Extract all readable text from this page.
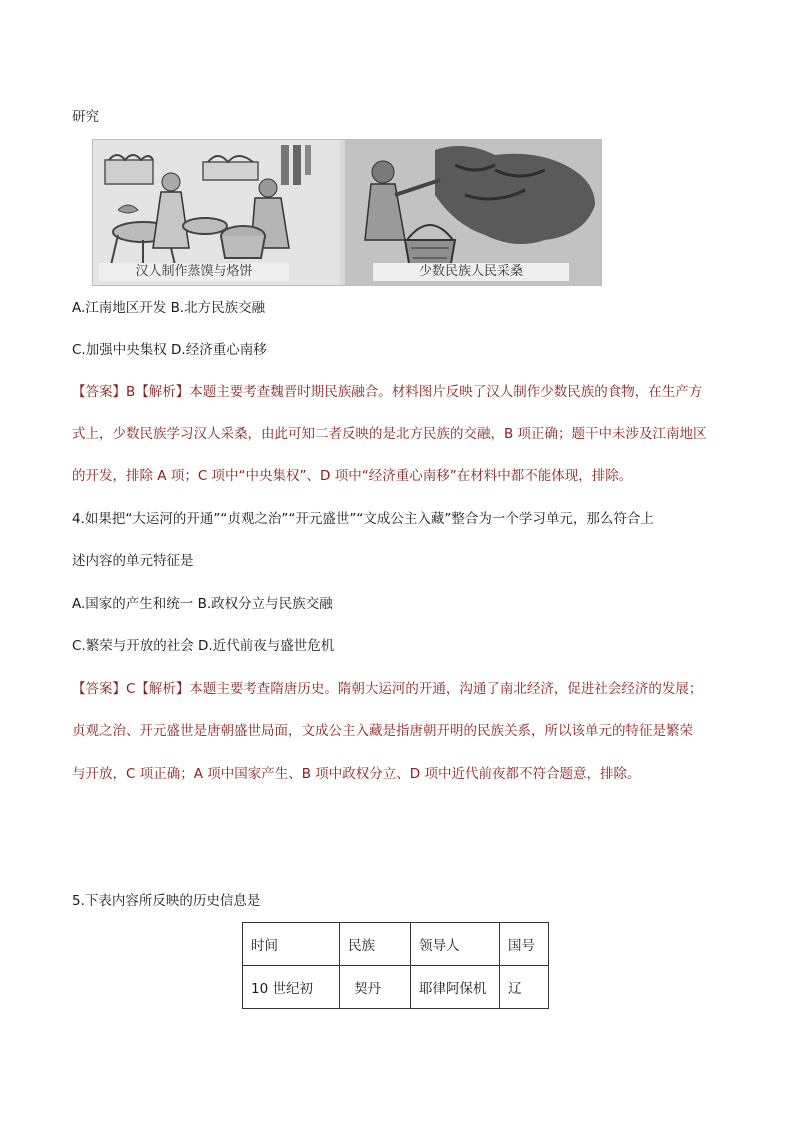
研究
汉人制作蒸馍与烙饼	少数民族人民采桑
A.江南地区开发 B.北方民族交融
C.加强中央集权 D.经济重心南移
【答案】B【解析】本题主要考查魏晋时期民族融合。材料图片反映了汉人制作少数民族的食物，在生产方
式上，少数民族学习汉人采桑，由此可知二者反映的是北方民族的交融，B 项正确；题干中未涉及江南地区
的开发，排除 A 项；C 项中“中央集权”、D 项中“经济重心南移”在材料中都不能体现，排除。
4.如果把“大运河的开通”“贞观之治”“开元盛世”“文成公主入藏”整合为一个学习单元，那么符合上
述内容的单元特征是
A.国家的产生和统一 B.政权分立与民族交融
C.繁荣与开放的社会 D.近代前夜与盛世危机
【答案】C【解析】本题主要考查隋唐历史。隋朝大运河的开通，沟通了南北经济，促进社会经济的发展；
贞观之治、开元盛世是唐朝盛世局面，文成公主入藏是指唐朝开明的民族关系，所以该单元的特征是繁荣
与开放，C 项正确；A 项中国家产生、B 项中政权分立、D 项中近代前夜都不符合题意，排除。
5.下表内容所反映的历史信息是
时间	民族	领导人	国号
10 世纪初	契丹	耶律阿保机	辽
